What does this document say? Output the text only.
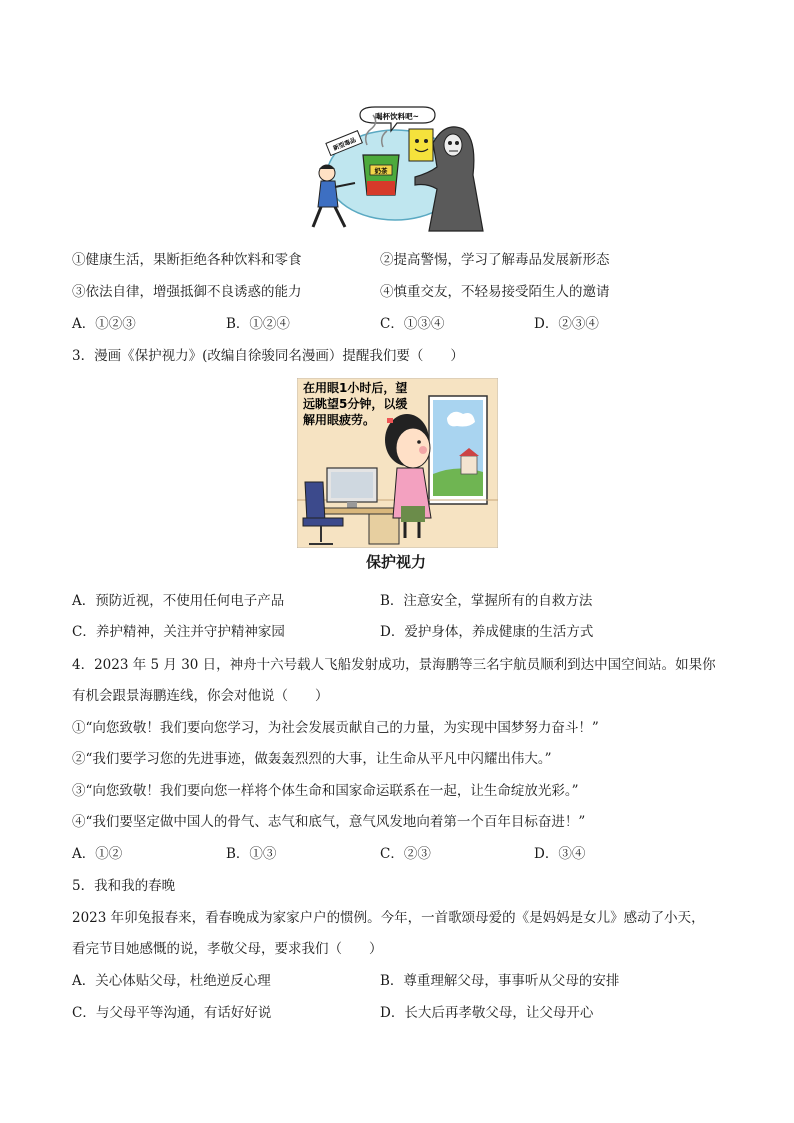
喝杯饮料吧~
新型毒品
奶茶
①健康生活，果断拒绝各种饮料和零食	②提高警惕，学习了解毒品发展新形态
③依法自律，增强抵御不良诱惑的能力	④慎重交友，不轻易接受陌生人的邀请
A．①②③	B．①②④	C．①③④	D．②③④
3．漫画《保护视力》(改编自徐骏同名漫画）提醒我们要（　　）
在用眼1小时后，望
远眺望5分钟，以缓
解用眼疲劳。
保护视力
A．预防近视，不使用任何电子产品	B．注意安全，掌握所有的自救方法
C．养护精神，关注并守护精神家园	D．爱护身体，养成健康的生活方式
4．2023 年 5 月 30 日，神舟十六号载人飞船发射成功，景海鹏等三名宇航员顺利到达中国空间站。如果你
有机会跟景海鹏连线，你会对他说（　　）
①“向您致敬！我们要向您学习，为社会发展贡献自己的力量，为实现中国梦努力奋斗！”
②“我们要学习您的先进事迹，做轰轰烈烈的大事，让生命从平凡中闪耀出伟大。”
③“向您致敬！我们要向您一样将个体生命和国家命运联系在一起，让生命绽放光彩。”
④“我们要坚定做中国人的骨气、志气和底气，意气风发地向着第一个百年目标奋进！”
A．①②	B．①③	C．②③	D．③④
5．我和我的春晚
2023 年卯兔报春来，看春晚成为家家户户的惯例。今年，一首歌颂母爱的《是妈妈是女儿》感动了小天，
看完节目她感慨的说，孝敬父母，要求我们（　　）
A．关心体贴父母，杜绝逆反心理	B．尊重理解父母，事事听从父母的安排
C．与父母平等沟通，有话好好说	D．长大后再孝敬父母，让父母开心
